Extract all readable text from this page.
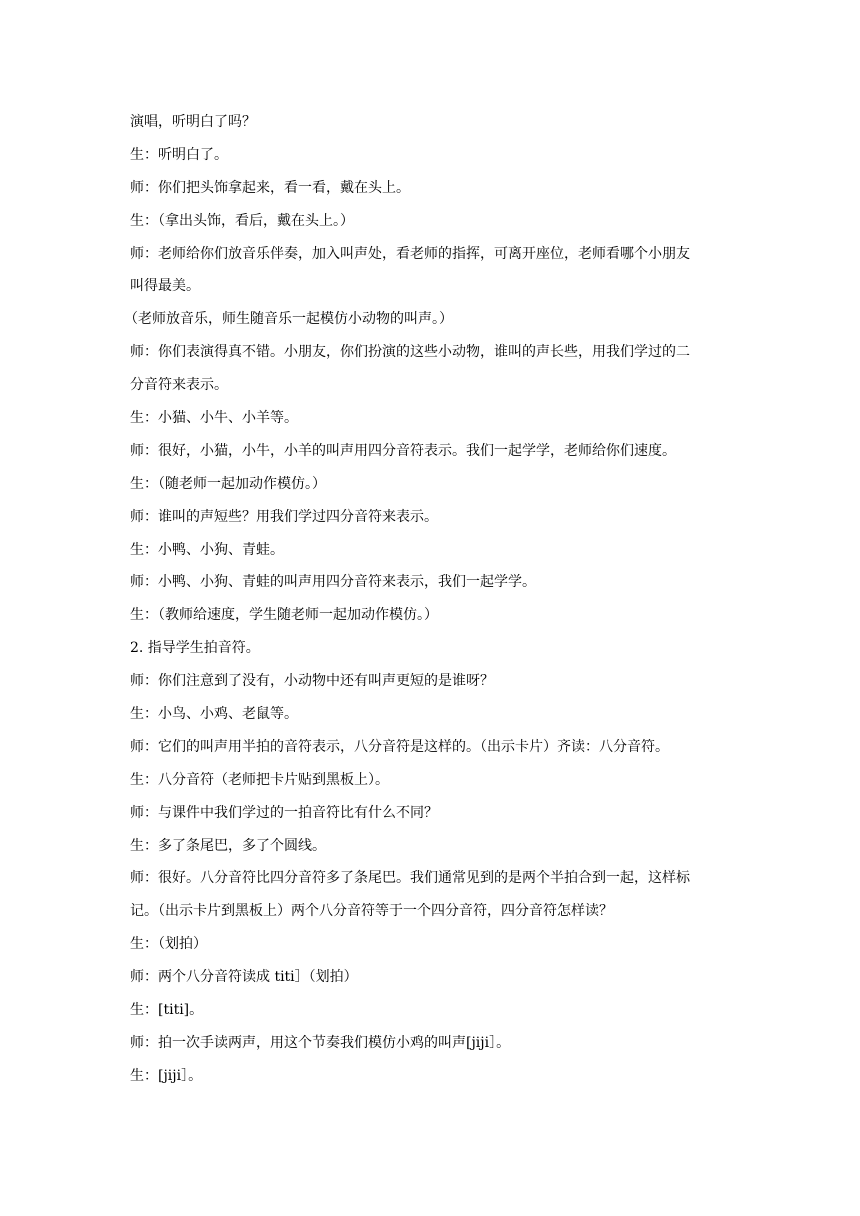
演唱，听明白了吗？
生：听明白了。
师：你们把头饰拿起来，看一看，戴在头上。
生：（拿出头饰，看后，戴在头上。）
师：老师给你们放音乐伴奏，加入叫声处，看老师的指挥，可离开座位，老师看哪个小朋友
叫得最美。
（老师放音乐，师生随音乐一起模仿小动物的叫声。）
师：你们表演得真不错。小朋友，你们扮演的这些小动物，谁叫的声长些，用我们学过的二
分音符来表示。
生：小猫、小牛、小羊等。
师：很好，小猫，小牛，小羊的叫声用四分音符表示。我们一起学学，老师给你们速度。
生：（随老师一起加动作模仿。）
师：谁叫的声短些？用我们学过四分音符来表示。
生：小鸭、小狗、青蛙。
师：小鸭、小狗、青蛙的叫声用四分音符来表示，我们一起学学。
生：（教师给速度，学生随老师一起加动作模仿。）
2. 指导学生拍音符。
师：你们注意到了没有，小动物中还有叫声更短的是谁呀？
生：小鸟、小鸡、老鼠等。
师：它们的叫声用半拍的音符表示，八分音符是这样的。（出示卡片）齐读：八分音符。
生：八分音符（老师把卡片贴到黑板上）。
师：与课件中我们学过的一拍音符比有什么不同？
生：多了条尾巴，多了个圆线。
师：很好。八分音符比四分音符多了条尾巴。我们通常见到的是两个半拍合到一起，这样标
记。（出示卡片到黑板上）两个八分音符等于一个四分音符，四分音符怎样读？
生：（划拍）
师：两个八分音符读成 titi］（划拍）
生：[titi]。
师：拍一次手读两声，用这个节奏我们模仿小鸡的叫声[jiji］。
生：[jiji］。
